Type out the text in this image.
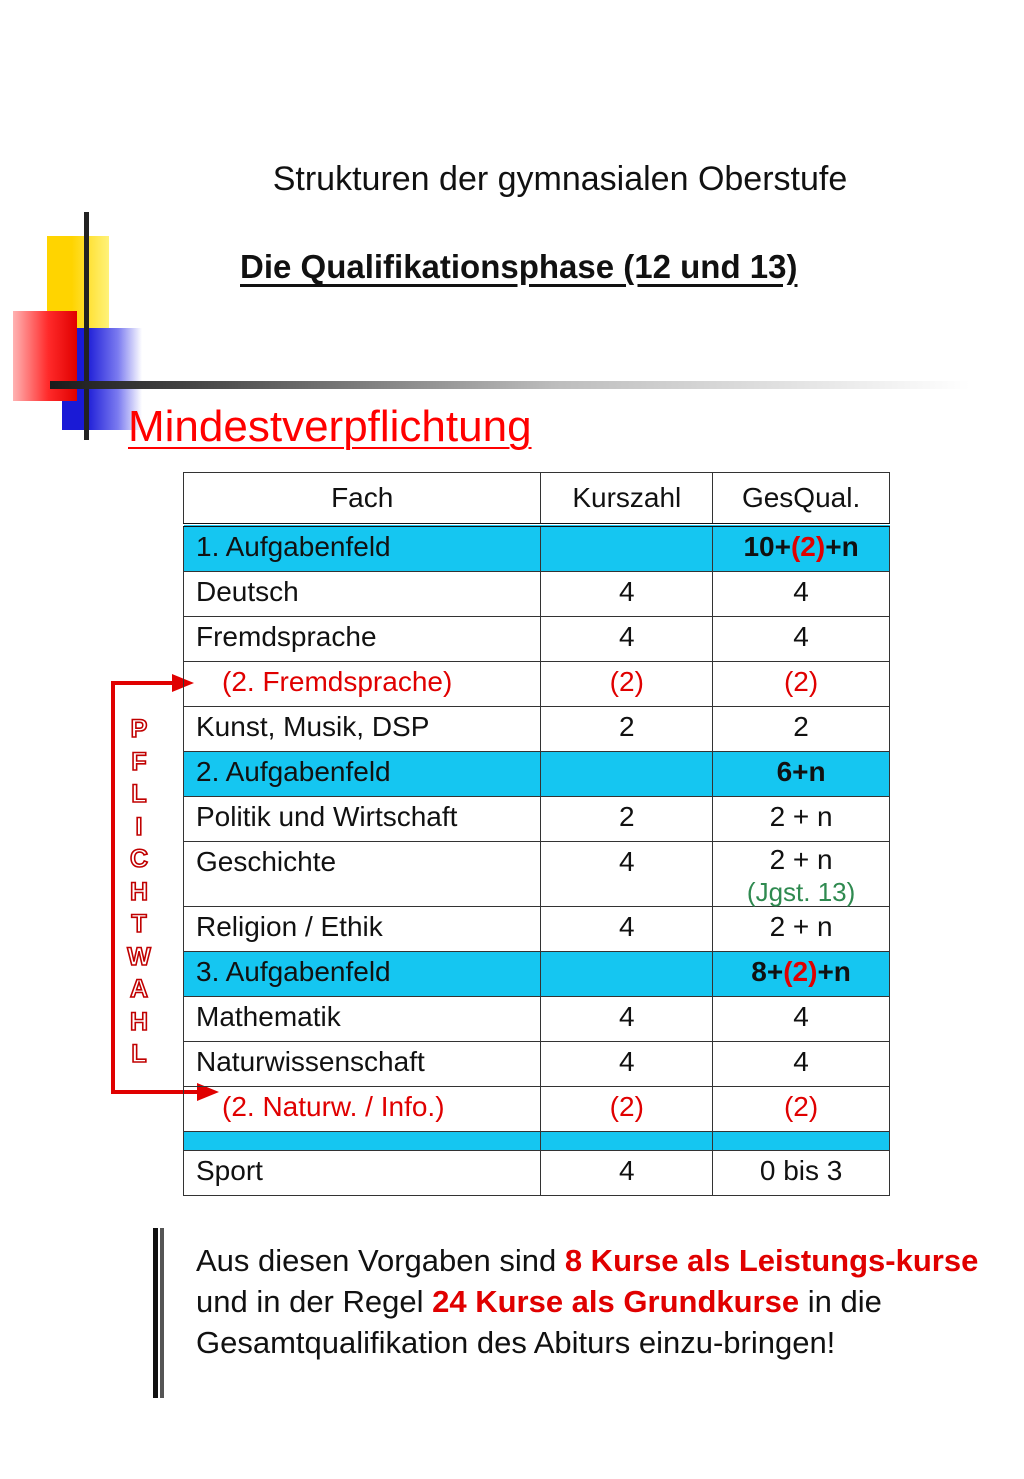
Strukturen der gymnasialen Oberstufe
Die Qualifikationsphase (12 und 13)
Mindestverpflichtung
P
F
L
I
C
H
T
W
A
H
L
Fach	Kurszahl	GesQual.
1. Aufgabenfeld		10+(2)+n
Deutsch	4	4
Fremdsprache	4	4
(2. Fremdsprache)	(2)	(2)
Kunst, Musik, DSP	2	2
2. Aufgabenfeld		6+n
Politik und Wirtschaft	2	2 + n
Geschichte	4	2 + n
(Jgst. 13)

Religion / Ethik	4	2 + n
3. Aufgabenfeld		8+(2)+n
Mathematik	4	4
Naturwissenschaft	4	4
(2. Naturw. / Info.)	(2)	(2)

Sport	4	0 bis 3
Aus diesen Vorgaben sind 8 Kurse als Leistungs-kurse und in der Regel 24 Kurse als Grundkurse in die Gesamtqualifikation des Abiturs einzu-bringen!
